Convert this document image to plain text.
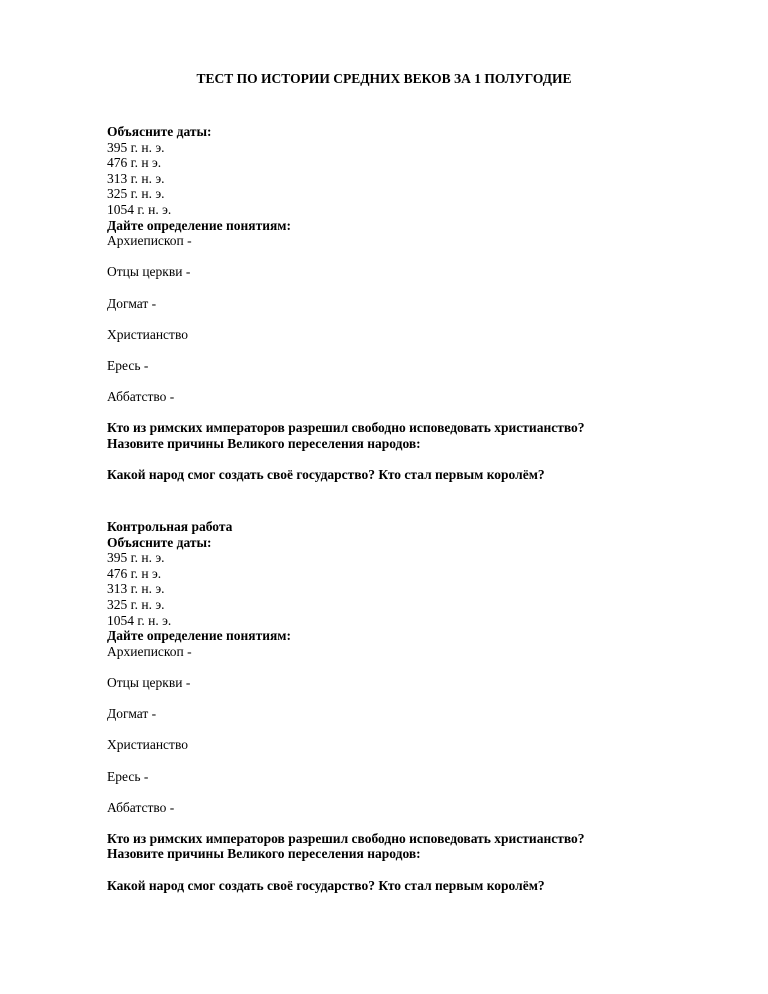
ТЕСТ ПО ИСТОРИИ СРЕДНИХ ВЕКОВ ЗА 1 ПОЛУГОДИЕ
Объясните даты:
395 г. н. э.
476 г. н э.
313 г. н. э.
325 г. н. э.
1054 г. н. э.
Дайте определение понятиям:
Архиепископ -
Отцы церкви -
Догмат -
Христианство
Ересь -
Аббатство -
Кто из римских императоров разрешил свободно исповедовать христианство?
Назовите причины Великого переселения народов:
Какой народ смог создать своё государство? Кто стал первым королём?
Контрольная работа
Объясните даты:
395 г. н. э.
476 г. н э.
313 г. н. э.
325 г. н. э.
1054 г. н. э.
Дайте определение понятиям:
Архиепископ -
Отцы церкви -
Догмат -
Христианство
Ересь -
Аббатство -
Кто из римских императоров разрешил свободно исповедовать христианство?
Назовите причины Великого переселения народов:
Какой народ смог создать своё государство? Кто стал первым королём?
